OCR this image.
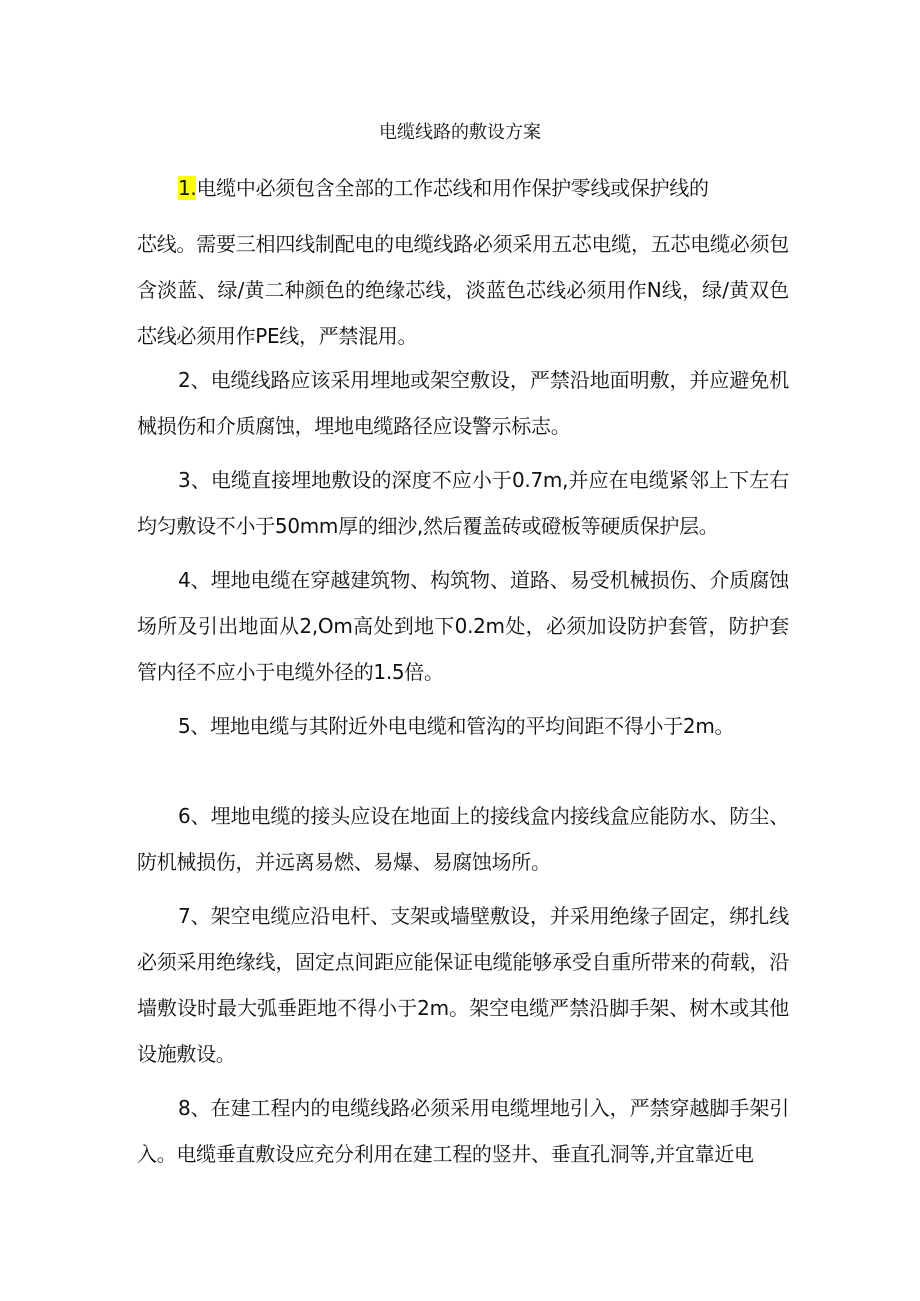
电缆线路的敷设方案

1.电缆中必须包含全部的工作芯线和用作保护零线或保护线的
芯线。需要三相四线制配电的电缆线路必须采用五芯电缆，五芯电缆必须包含淡蓝、绿/黄二种颜色的绝缘芯线，淡蓝色芯线必须用作N线，绿/黄双色芯线必须用作PE线，严禁混用。

2、电缆线路应该采用埋地或架空敷设，严禁沿地面明敷，并应避免机械损伤和介质腐蚀，埋地电缆路径应设警示标志。

3、电缆直接埋地敷设的深度不应小于0.7m,并应在电缆紧邻上下左右均匀敷设不小于50mm厚的细沙,然后覆盖砖或磴板等硬质保护层。

4、埋地电缆在穿越建筑物、构筑物、道路、易受机械损伤、介质腐蚀场所及引出地面从2,Om高处到地下0.2m处，必须加设防护套管，防护套管内径不应小于电缆外径的1.5倍。

5、埋地电缆与其附近外电电缆和管沟的平均间距不得小于2m。

6、埋地电缆的接头应设在地面上的接线盒内接线盒应能防水、防尘、防机械损伤，并远离易燃、易爆、易腐蚀场所。

7、架空电缆应沿电杆、支架或墙壁敷设，并采用绝缘子固定，绑扎线必须采用绝缘线，固定点间距应能保证电缆能够承受自重所带来的荷载，沿墙敷设时最大弧垂距地不得小于2m。架空电缆严禁沿脚手架、树木或其他设施敷设。

8、在建工程内的电缆线路必须采用电缆埋地引入，严禁穿越脚手架引入。电缆垂直敷设应充分利用在建工程的竖井、垂直孔洞等,并宜靠近电
